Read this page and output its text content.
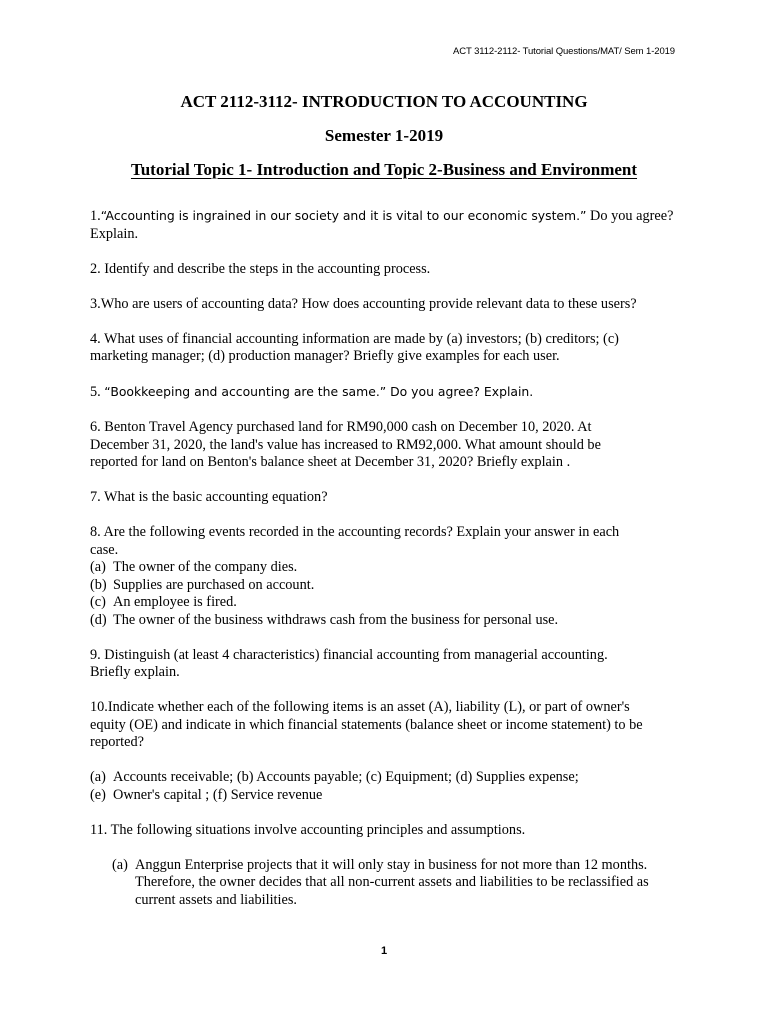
ACT 3112-2112- Tutorial Questions/MAT/ Sem 1-2019
ACT 2112-3112- INTRODUCTION TO ACCOUNTING
Semester 1-2019
Tutorial Topic 1- Introduction and Topic 2-Business and Environment

1.“Accounting is ingrained in our society and it is vital to our economic system.” Do you agree?

Explain.

2. Identify and describe the steps in the accounting process.

3.Who are users of accounting data? How does accounting provide relevant data to these users?

4. What uses of financial accounting information are made by (a) investors; (b) creditors; (c)

marketing manager; (d) production manager? Briefly give examples for each user.

5. “Bookkeeping and accounting are the same.” Do you agree? Explain.

6. Benton Travel Agency purchased land for RM90,000 cash on December 10, 2020. At

December 31, 2020, the land's value has increased to RM92,000. What amount should be

reported for land on Benton's balance sheet at December 31, 2020? Briefly explain .

7. What is the basic accounting equation?

8. Are the following events recorded in the accounting records? Explain your answer in each

case.

(a) The owner of the company dies.
(b) Supplies are purchased on account.
(c) An employee is fired.
(d) The owner of the business withdraws cash from the business for personal use.

9. Distinguish (at least 4 characteristics) financial accounting from managerial accounting.

Briefly explain.

10.Indicate whether each of the following items is an asset (A), liability (L), or part of owner's

equity (OE) and indicate in which financial statements (balance sheet or income statement) to be

reported?

(a) Accounts receivable; (b) Accounts payable; (c) Equipment; (d) Supplies expense;
(e) Owner's capital ; (f) Service revenue

11. The following situations involve accounting principles and assumptions.

(a) Anggun Enterprise projects that it will only stay in business for not more than 12 months. Therefore, the owner decides that all non-current assets and liabilities to be reclassified as current assets and liabilities.
1
